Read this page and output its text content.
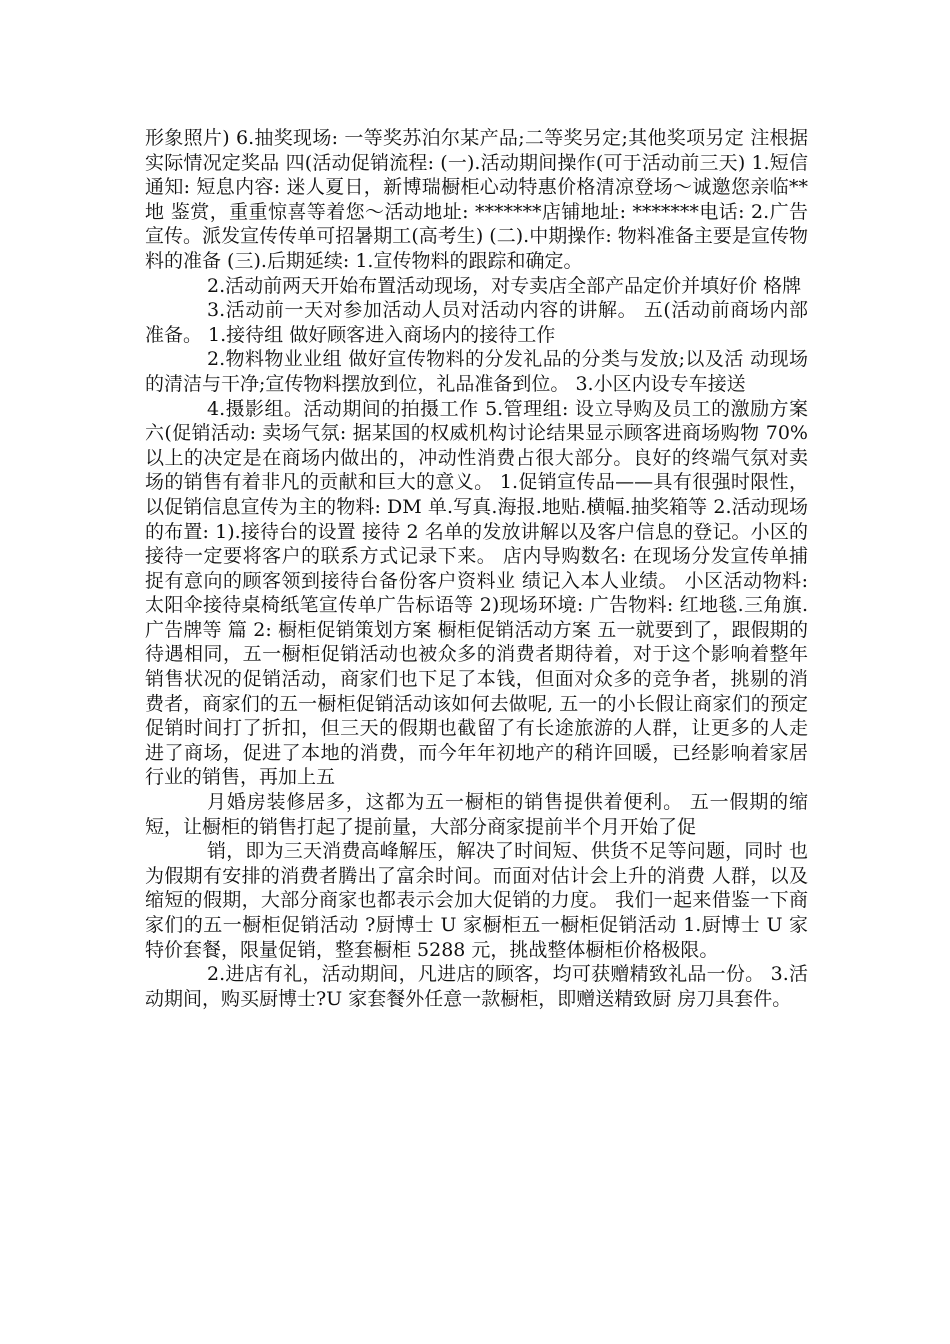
形象照片) 6.抽奖现场: 一等奖苏泊尔某产品;二等奖另定;其他奖项另定 注根据实际情况定奖品 四(活动促销流程: (一).活动期间操作(可于活动前三天) 1.短信通知: 短息内容: 迷人夏日，新博瑞橱柜心动特惠价格清凉登场～诚邀您亲临**地 鉴赏，重重惊喜等着您～活动地址: *******店铺地址: *******电话: 2.广告宣传。派发宣传传单可招暑期工(高考生) (二).中期操作: 物料准备主要是宣传物料的准备 (三).后期延续: 1.宣传物料的跟踪和确定。

2.活动前两天开始布置活动现场，对专卖店全部产品定价并填好价 格牌

3.活动前一天对参加活动人员对活动内容的讲解。 五(活动前商场内部准备。 1.接待组 做好顾客进入商场内的接待工作

2.物料物业业组 做好宣传物料的分发礼品的分类与发放;以及活 动现场的清洁与干净;宣传物料摆放到位，礼品准备到位。 3.小区内设专车接送

4.摄影组。活动期间的拍摄工作 5.管理组: 设立导购及员工的激励方案 六(促销活动: 卖场气氛: 据某国的权威机构讨论结果显示顾客进商场购物 70%以上的决定是在商场内做出的，冲动性消费占很大部分。良好的终端气氛对卖场的销售有着非凡的贡献和巨大的意义。 1.促销宣传品——具有很强时限性，以促销信息宣传为主的物料: DM 单.写真.海报.地贴.横幅.抽奖箱等 2.活动现场的布置: 1).接待台的设置 接待 2 名单的发放讲解以及客户信息的登记。小区的接待一定要将客户的联系方式记录下来。 店内导购数名: 在现场分发宣传单捕捉有意向的顾客领到接待台备份客户资料业 绩记入本人业绩。 小区活动物料: 太阳伞接待桌椅纸笔宣传单广告标语等 2)现场环境: 广告物料: 红地毯.三角旗.广告牌等 篇 2: 橱柜促销策划方案 橱柜促销活动方案 五一就要到了，跟假期的待遇相同，五一橱柜促销活动也被众多的消费者期待着，对于这个影响着整年销售状况的促销活动，商家们也下足了本钱，但面对众多的竞争者，挑剔的消费者，商家们的五一橱柜促销活动该如何去做呢, 五一的小长假让商家们的预定促销时间打了折扣，但三天的假期也截留了有长途旅游的人群，让更多的人走进了商场，促进了本地的消费，而今年年初地产的稍许回暖，已经影响着家居行业的销售，再加上五

月婚房装修居多，这都为五一橱柜的销售提供着便利。 五一假期的缩短，让橱柜的销售打起了提前量，大部分商家提前半个月开始了促

销，即为三天消费高峰解压，解决了时间短、供货不足等问题，同时 也为假期有安排的消费者腾出了富余时间。而面对估计会上升的消费 人群，以及缩短的假期，大部分商家也都表示会加大促销的力度。 我们一起来借鉴一下商家们的五一橱柜促销活动 ?厨博士 U 家橱柜五一橱柜促销活动 1.厨博士 U 家特价套餐，限量促销，整套橱柜 5288 元，挑战整体橱柜价格极限。

2.进店有礼，活动期间，凡进店的顾客，均可获赠精致礼品一份。 3.活动期间，购买厨博士?U 家套餐外任意一款橱柜，即赠送精致厨 房刀具套件。
